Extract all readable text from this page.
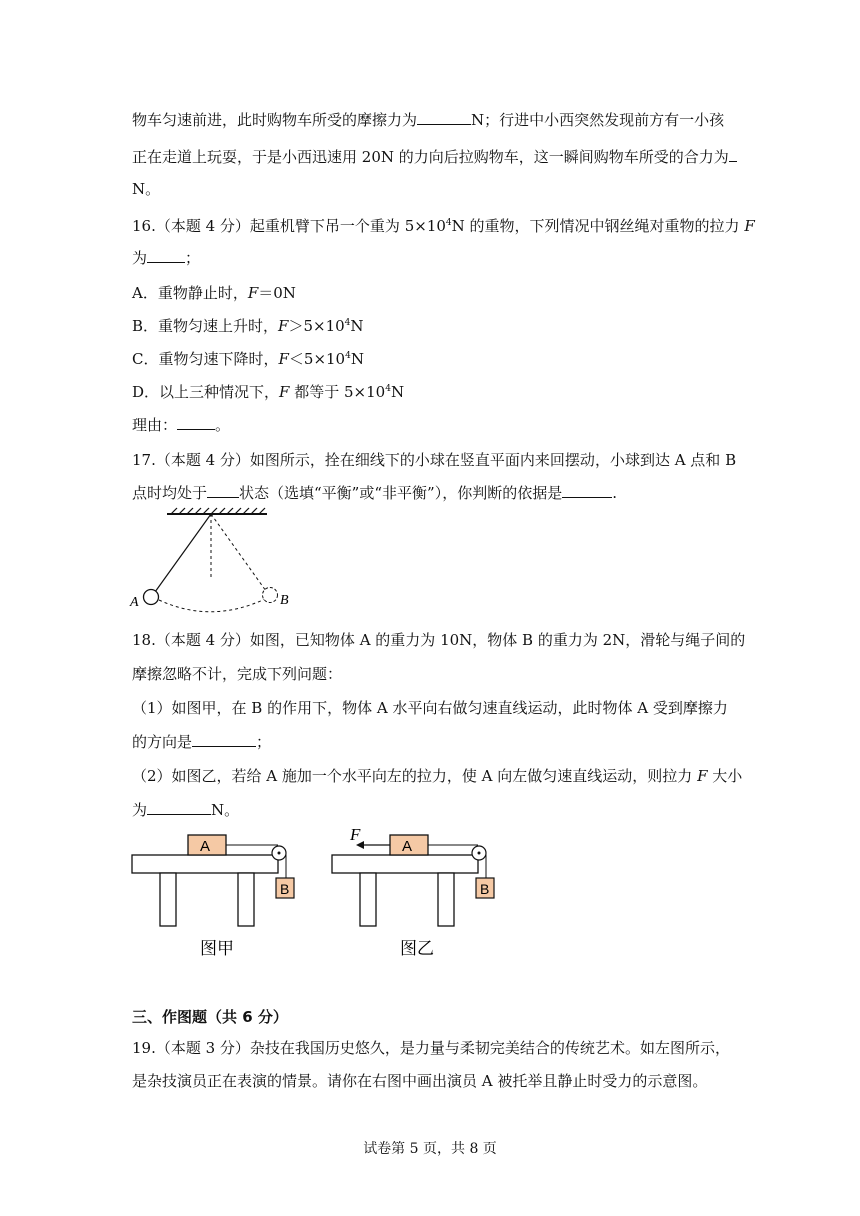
物车匀速前进，此时购物车所受的摩擦力为	N；行进中小西突然发现前方有一小孩
正在走道上玩耍，于是小西迅速用 20N 的力向后拉购物车，这一瞬间购物车所受的合力为
N。
16.（本题 4 分）起重机臂下吊一个重为 $5\times 10^4N$ 的重物，下列情况中钢丝绳对重物的拉力 F
为	；
A．重物静止时，F＝0N
B．重物匀速上升时，$F>5\times 10^4N$
C．重物匀速下降时，$F<5\times 10^4N$
D．以上三种情况下，F 都等于 $5\times 10^4N$
理由：	。
17.（本题 4 分）如图所示，拴在细线下的小球在竖直平面内来回摆动，小球到达 A 点和 B
点时均处于 状态（选填“平衡”或“非平衡”），你判断的依据是	.
A	B
18.（本题 4 分）如图，已知物体 A 的重力为 10N，物体 B 的重力为 2N，滑轮与绳子间的
摩擦忽略不计，完成下列问题：
（1）如图甲，在 B 的作用下，物体 A 水平向右做匀速直线运动，此时物体 A 受到摩擦力
的方向是	；
（2）如图乙，若给 A 施加一个水平向左的拉力，使 A 向左做匀速直线运动，则拉力 F 大小
为	N。
A
B
图甲
F
A
B
图乙
三、作图题（共 6 分）
19.（本题 3 分）杂技在我国历史悠久，是力量与柔韧完美结合的传统艺术。如左图所示，
是杂技演员正在表演的情景。请你在右图中画出演员 A 被托举且静止时受力的示意图。
试卷第 5 页，共 8 页
